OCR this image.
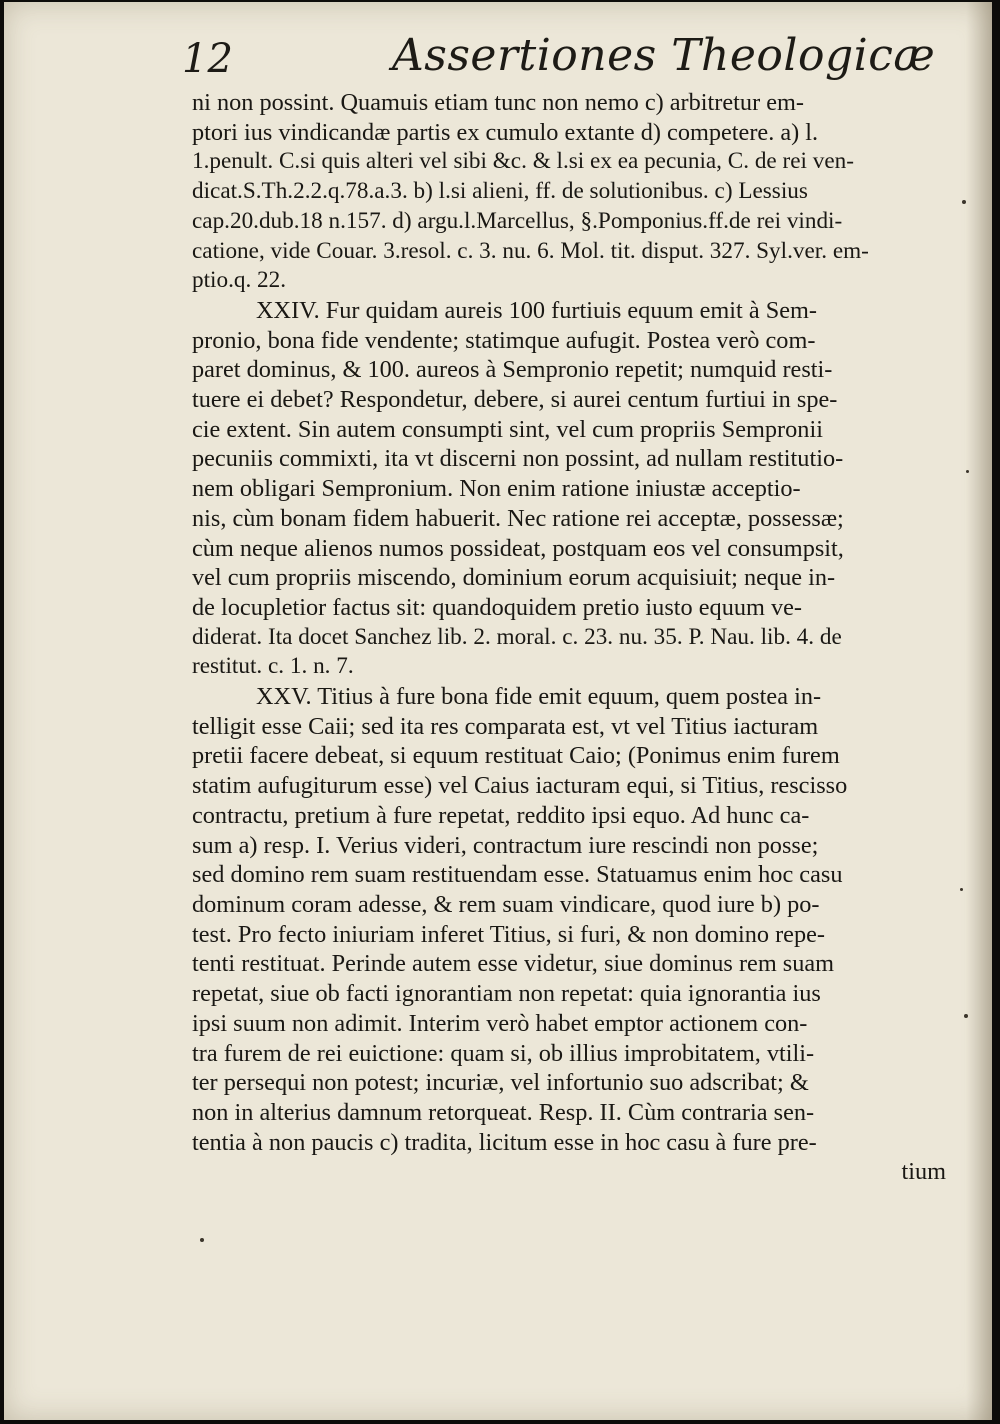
12	Assertiones Theologicæ
ni non possint. Quamuis etiam tunc non nemo c) arbitretur em-
ptori ius vindicandæ partis ex cumulo extante d) competere. a) l.
1.penult. C.si quis alteri vel sibi &c. & l.si ex ea pecunia, C. de rei ven-
dicat.S.Th.2.2.q.78.a.3. b) l.si alieni, ff. de solutionibus. c) Lessius
cap.20.dub.18 n.157. d) argu.l.Marcellus, §.Pomponius.ff.de rei vindi-
catione, vide Couar. 3.resol. c. 3. nu. 6. Mol. tit. disput. 327. Syl.ver. em-
ptio.q. 22.
XXIV. Fur quidam aureis 100 furtiuis equum emit à Sem-
pronio, bona fide vendente; statimque aufugit. Postea verò com-
paret dominus, & 100. aureos à Sempronio repetit; numquid resti-
tuere ei debet? Respondetur, debere, si aurei centum furtiui in spe-
cie extent. Sin autem consumpti sint, vel cum propriis Sempronii
pecuniis commixti, ita vt discerni non possint, ad nullam restitutio-
nem obligari Sempronium. Non enim ratione iniustæ acceptio-
nis, cùm bonam fidem habuerit. Nec ratione rei acceptæ, possessæ;
cùm neque alienos numos possideat, postquam eos vel consumpsit,
vel cum propriis miscendo, dominium eorum acquisiuit; neque in-
de locupletior factus sit: quandoquidem pretio iusto equum ve-
diderat. Ita docet Sanchez lib. 2. moral. c. 23. nu. 35. P. Nau. lib. 4. de
restitut. c. 1. n. 7.
XXV. Titius à fure bona fide emit equum, quem postea in-
telligit esse Caii; sed ita res comparata est, vt vel Titius iacturam
pretii facere debeat, si equum restituat Caio; (Ponimus enim furem
statim aufugiturum esse) vel Caius iacturam equi, si Titius, rescisso
contractu, pretium à fure repetat, reddito ipsi equo. Ad hunc ca-
sum a) resp. I. Verius videri, contractum iure rescindi non posse;
sed domino rem suam restituendam esse. Statuamus enim hoc casu
dominum coram adesse, & rem suam vindicare, quod iure b) po-
test. Pro fecto iniuriam inferet Titius, si furi, & non domino repe-
tenti restituat. Perinde autem esse videtur, siue dominus rem suam
repetat, siue ob facti ignorantiam non repetat: quia ignorantia ius
ipsi suum non adimit. Interim verò habet emptor actionem con-
tra furem de rei euictione: quam si, ob illius improbitatem, vtili-
ter persequi non potest; incuriæ, vel infortunio suo adscribat; &
non in alterius damnum retorqueat. Resp. II. Cùm contraria sen-
tentia à non paucis c) tradita, licitum esse in hoc casu à fure pre-
tium
